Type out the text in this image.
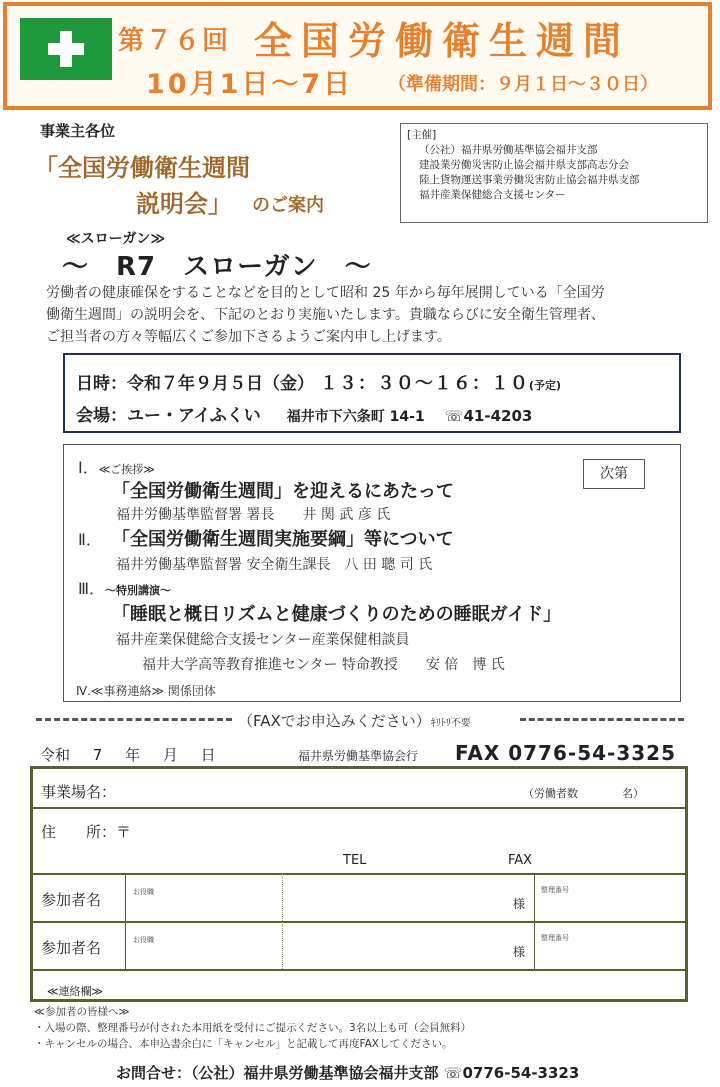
第７６回 全国労働衛生週間
10月1日～7日 （準備期間：９月１日～３０日）
事業主各位
「全国労働衛生週間
説明会」 のご案内
[主催]
（公社）福井県労働基準協会福井支部
建設業労働災害防止協会福井県支部高志分会
陸上貨物運送事業労働災害防止協会福井県支部
福井産業保健総合支援センター
≪スローガン≫
～　R7　スローガン　～
労働者の健康確保をすることなどを目的として昭和 25 年から毎年展開している「全国労
働衛生週間」の説明会を、下記のとおり実施いたします。貴職ならびに安全衛生管理者、
ご担当者の方々等幅広くご参加下さるようご案内申し上げます。
日時：令和７年９月５日（金） １３：３０～１６：１０(予定)
会場：ユー・アイふくい 福井市下六条町 14-1 ☏41-4203
次第
Ⅰ．≪ご挨拶≫
「全国労働衛生週間」を迎えるにあたって
福井労働基準監督署 署長　　井 関 武 彦 氏
Ⅱ． 「全国労働衛生週間実施要綱」等について
福井労働基準監督署 安全衛生課長　八 田 聰 司 氏
Ⅲ．～特別講演～
「睡眠と概日リズムと健康づくりのための睡眠ガイド」
福井産業保健総合支援センター産業保健相談員
福井大学高等教育推進センター 特命教授　　安 倍　博 氏
Ⅳ.≪事務連絡≫ 関係団体
（FAXでお申込みください）ｷﾘﾄﾘ不要
令和 7 年 月 日	福井県労働基準協会行 FAX 0776-54-3325
事業場名：	（労働者数　　　　名）
住　　所：〒
TEL	FAX
参加者名	お役職
様
整理番号
参加者名	お役職
様
整理番号
≪連絡欄≫
≪参加者の皆様へ≫
・入場の際、整理番号が付された本用紙を受付にご提示ください。3名以上も可（会員無料）
・キャンセルの場合、本申込書余白に「キャンセル」と記載して再度FAXしてください。
お問合せ：（公社）福井県労働基準協会福井支部 ☏0776-54-3323
